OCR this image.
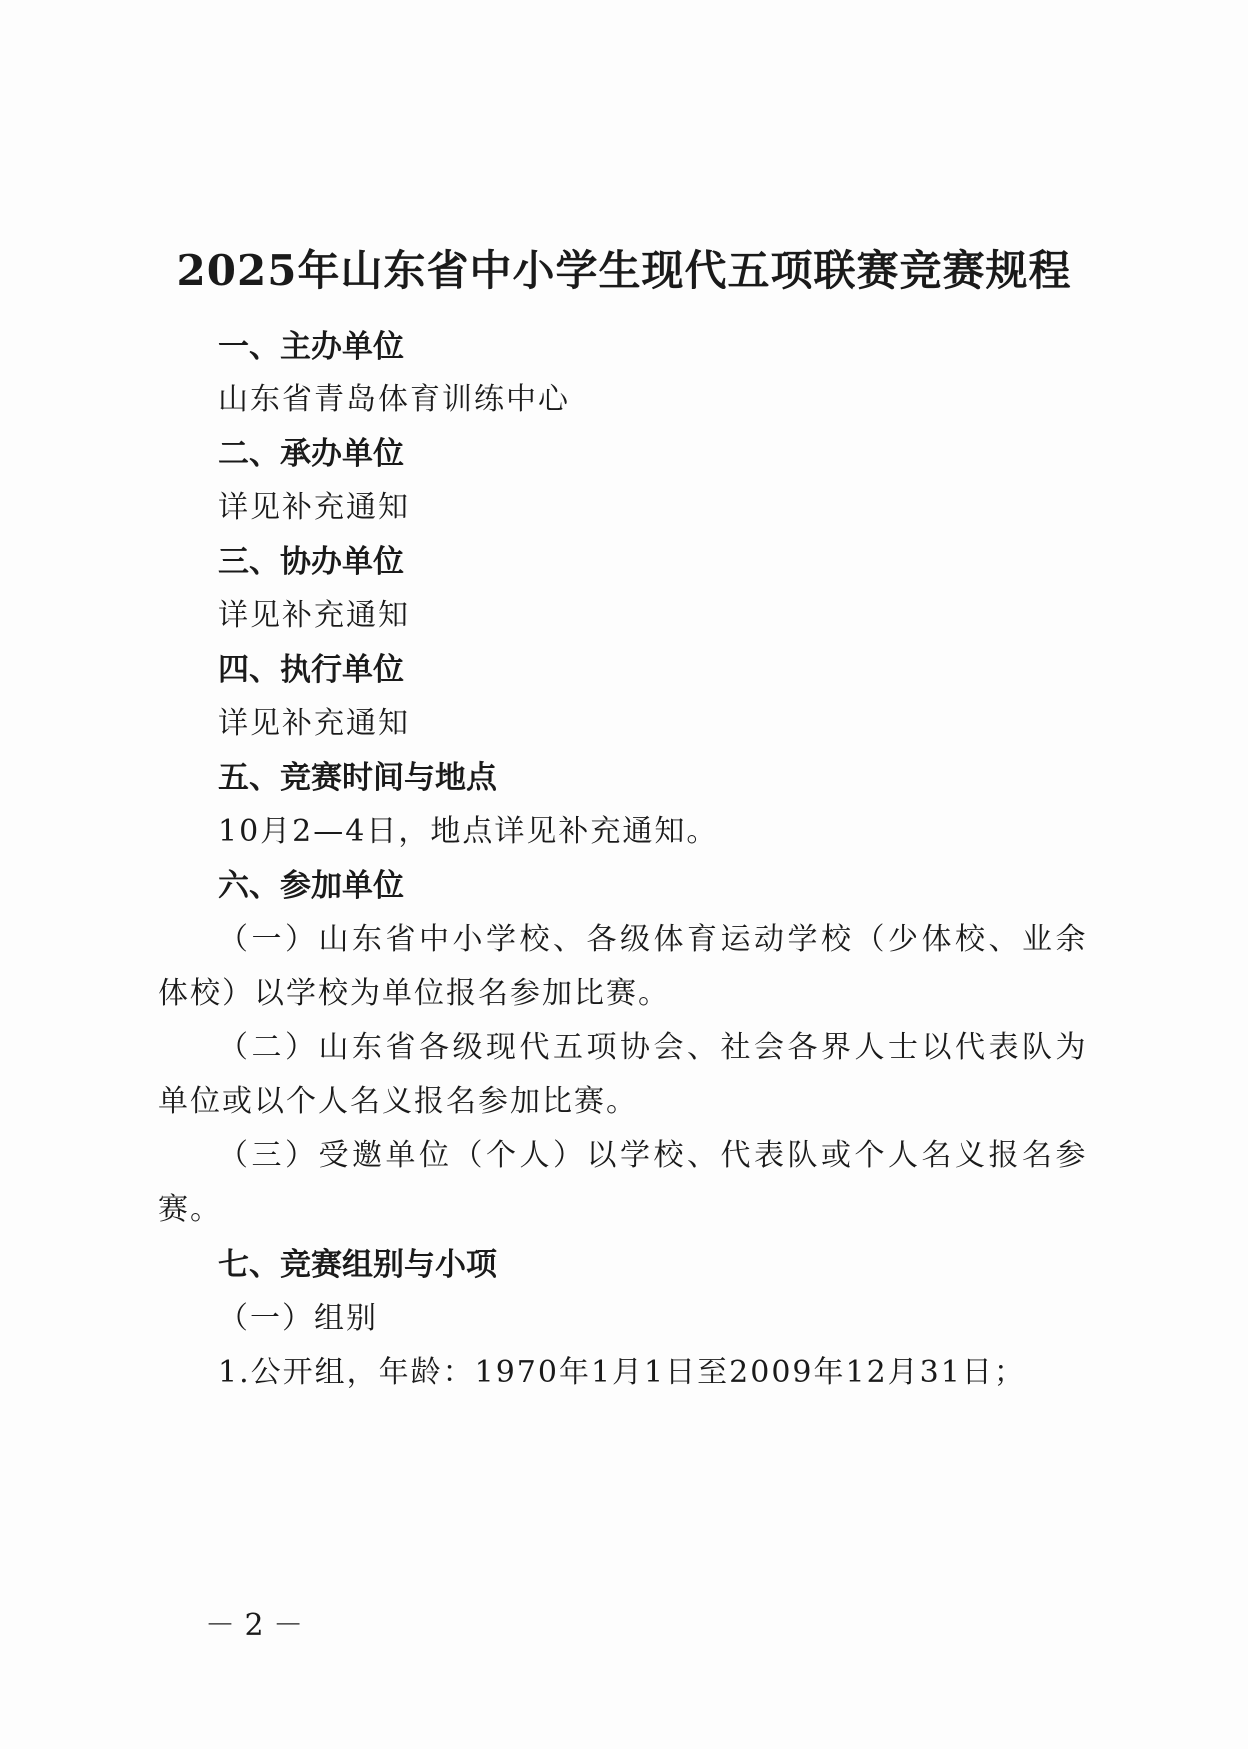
2025年山东省中小学生现代五项联赛竞赛规程
一、主办单位
山东省青岛体育训练中心
二、承办单位
详见补充通知
三、协办单位
详见补充通知
四、执行单位
详见补充通知
五、竞赛时间与地点
10月2—4日，地点详见补充通知。
六、参加单位
（一）山东省中小学校、各级体育运动学校（少体校、业余
体校）以学校为单位报名参加比赛。
（二）山东省各级现代五项协会、社会各界人士以代表队为
单位或以个人名义报名参加比赛。
（三）受邀单位（个人）以学校、代表队或个人名义报名参
赛。
七、竞赛组别与小项
（一）组别
1.公开组，年龄：1970年1月1日至2009年12月31日；
－ 2 －
